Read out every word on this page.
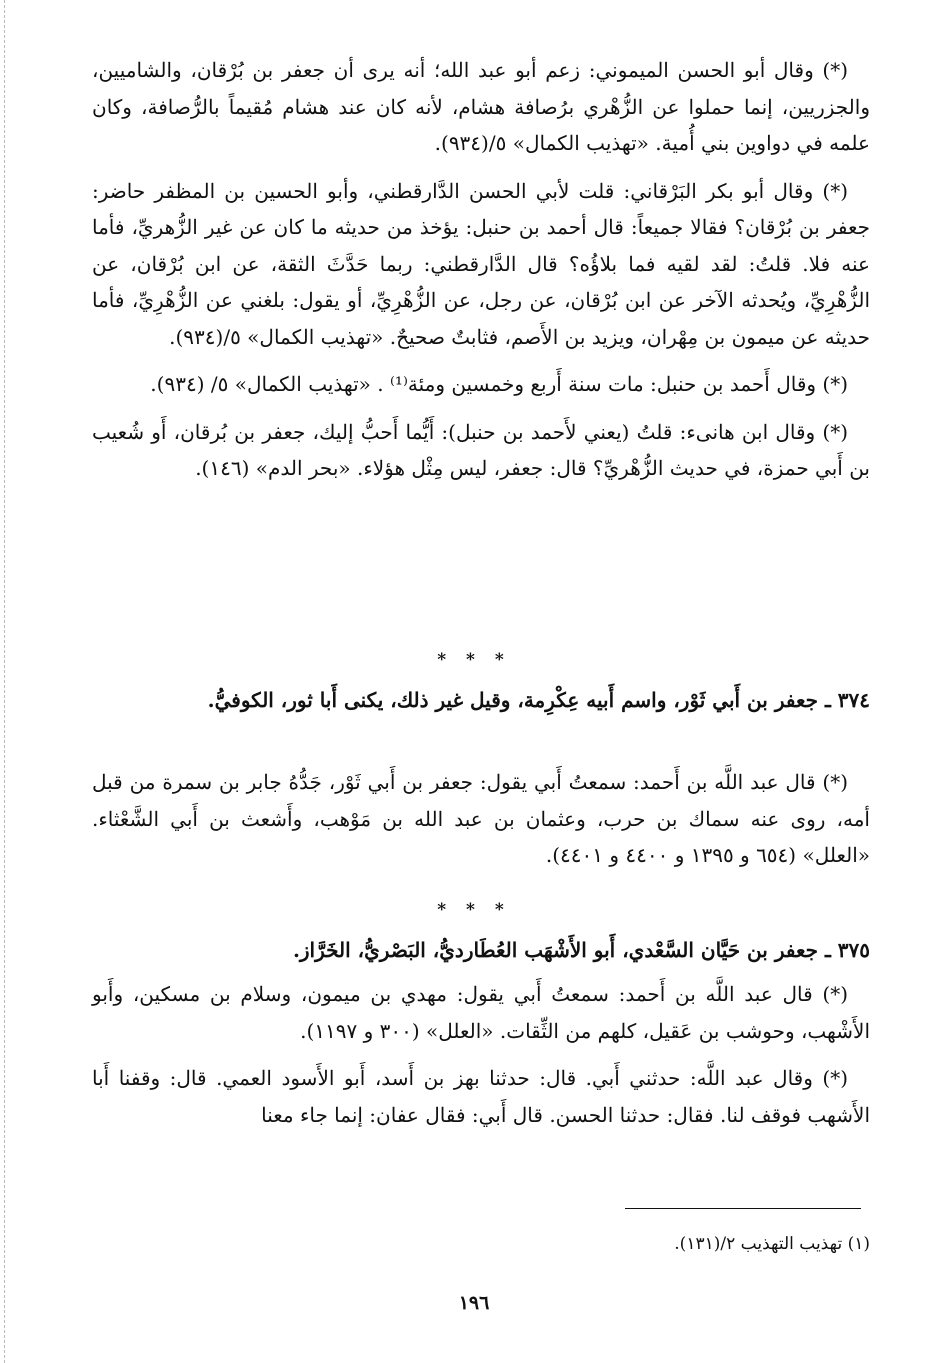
(*) وقال أبو الحسن الميموني: زعم أبو عبد الله؛ أنه يرى أن جعفر بن بُرْقان، والشاميين، والجزريين، إنما حملوا عن الزُّهْري برُصافة هشام، لأنه كان عند هشام مُقيماً بالرُّصافة، وكان علمه في دواوين بني أُمية. «تهذيب الكمال» ٥/(٩٣٤).

(*) وقال أبو بكر البَرْقاني: قلت لأبي الحسن الدَّارقطني، وأبو الحسين بن المظفر حاضر: جعفر بن بُرْقان؟ فقالا جميعاً: قال أحمد بن حنبل: يؤخذ من حديثه ما كان عن غير الزُّهريِّ، فأما عنه فلا. قلتُ: لقد لقيه فما بلاؤُه؟ قال الدَّارقطني: ربما حَدَّثَ الثقة، عن ابن بُرْقان، عن الزُّهْرِيِّ، ويُحدثه الآخر عن ابن بُرْقان، عن رجل، عن الزُّهْرِيِّ، أو يقول: بلغني عن الزُّهْرِيِّ، فأما حديثه عن ميمون بن مِهْران، ويزيد بن الأَصم، فثابتٌ صحيحٌ. «تهذيب الكمال» ٥/(٩٣٤).

(*) وقال أَحمد بن حنبل: مات سنة أَربع وخمسين ومئة⁽¹⁾ . «تهذيب الكمال» ٥/ (٩٣٤).

(*) وقال ابن هانىء: قلتُ (يعني لأَحمد بن حنبل): أَيُّما أَحبُّ إليك، جعفر بن بُرقان، أَو شُعيب بن أَبي حمزة، في حديث الزُّهْريِّ؟ قال: جعفر، ليس مِثْل هؤلاء. «بحر الدم» (١٤٦).

* * *

٣٧٤ ـ جعفر بن أَبي ثَوْر، واسم أَبيه عِكْرِمة، وقيل غير ذلك، يكنى أَبا ثور، الكوفيُّ.

(*) قال عبد اللَّه بن أَحمد: سمعتُ أَبي يقول: جعفر بن أَبي ثَوْر، جَدُّهُ جابر بن سمرة من قبل أمه، روى عنه سماك بن حرب، وعثمان بن عبد الله بن مَوْهب، وأَشعث بن أَبي الشَّعْثاء. «العلل» (٦٥٤ و ١٣٩٥ و ٤٤٠٠ و ٤٤٠١).

* * *

٣٧٥ ـ جعفر بن حَيَّان السَّعْدي، أَبو الأَشْهَب العُطَارديُّ، البَصْريُّ، الخَرَّاز.

(*) قال عبد اللَّه بن أَحمد: سمعتُ أَبي يقول: مهدي بن ميمون، وسلام بن مسكين، وأَبو الأَشْهب، وحوشب بن عَقيل، كلهم من الثِّقات. «العلل» (٣٠٠ و ١١٩٧).

(*) وقال عبد اللَّه: حدثني أَبي. قال: حدثنا بهز بن أَسد، أَبو الأَسود العمي. قال: وقفنا أَبا الأَشهب فوقف لنا. فقال: حدثنا الحسن. قال أَبي: فقال عفان: إنما جاء معنا

(١) تهذيب التهذيب ٢/(١٣١).

١٩٦
